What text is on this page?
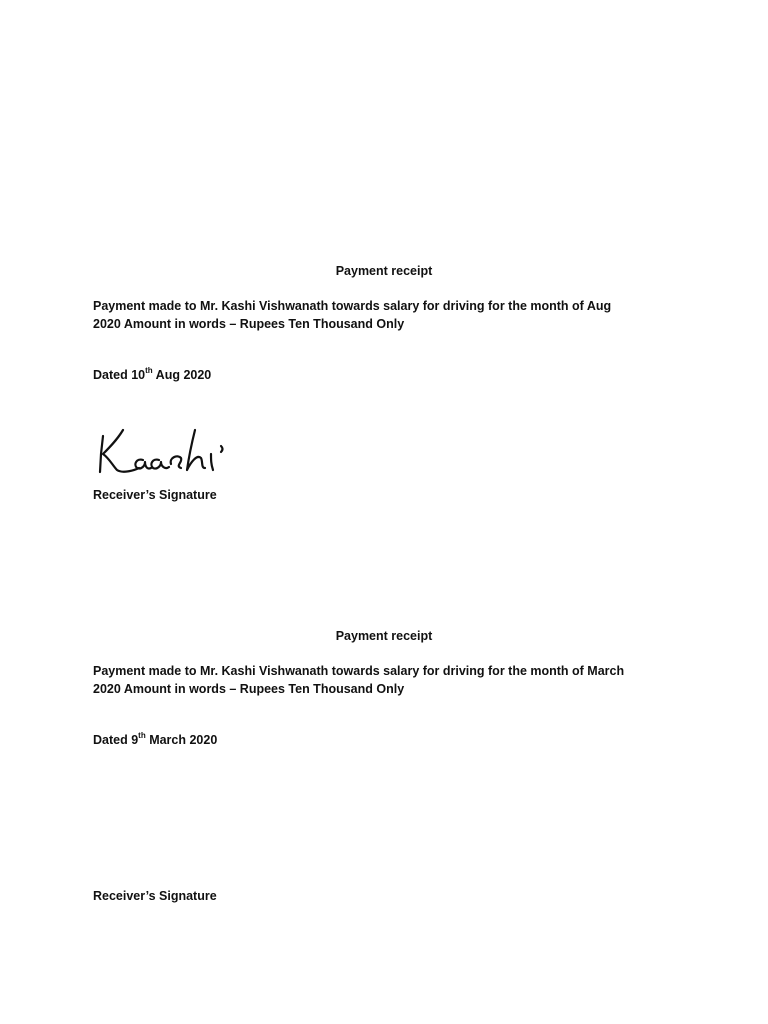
Payment receipt
Payment made to Mr. Kashi Vishwanath towards salary for driving for the month of Aug
2020 Amount in words – Rupees Ten Thousand Only
Dated 10th Aug 2020
Receiver’s Signature
Payment receipt
Payment made to Mr. Kashi Vishwanath towards salary for driving for the month of March
2020 Amount in words – Rupees Ten Thousand Only
Dated 9th March 2020
Receiver’s Signature
